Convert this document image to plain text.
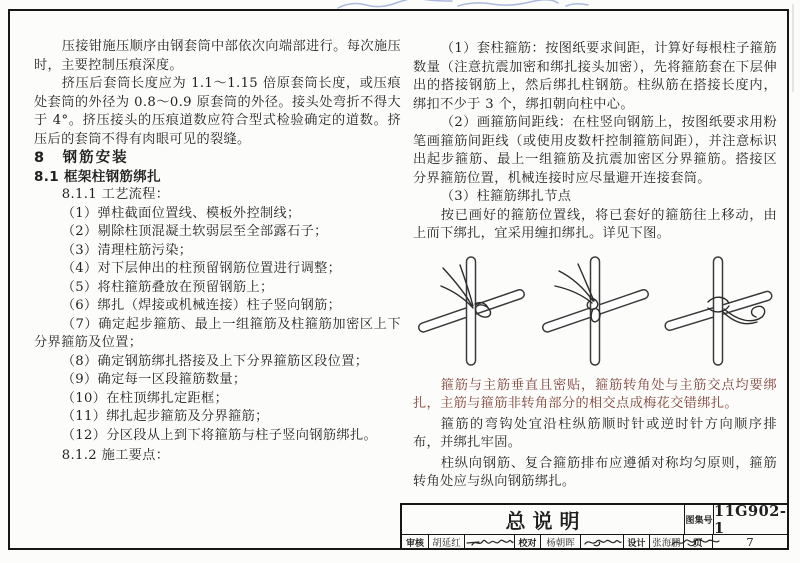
压接钳施压顺序由钢套筒中部依次向端部进行。每次施压时，主要控制压痕深度。

挤压后套筒长度应为 1.1～1.15 倍原套筒长度，或压痕处套筒的外径为 0.8～0.9 原套筒的外径。接头处弯折不得大于 4°。挤压接头的压痕道数应符合型式检验确定的道数。挤压后的套筒不得有肉眼可见的裂缝。

8　钢筋安装

8.1 框架柱钢筋绑扎

8.1.1 工艺流程：

（1）弹柱截面位置线、模板外控制线；

（2）剔除柱顶混凝土软弱层至全部露石子；

（3）清理柱筋污染；

（4）对下层伸出的柱预留钢筋位置进行调整；

（5）将柱箍筋叠放在预留钢筋上；

（6）绑扎（焊接或机械连接）柱子竖向钢筋；

（7）确定起步箍筋、最上一组箍筋及柱箍筋加密区上下分界箍筋及位置；

（8）确定钢筋绑扎搭接及上下分界箍筋区段位置；

（9）确定每一区段箍筋数量；

（10）在柱顶绑扎定距框；

（11）绑扎起步箍筋及分界箍筋；

（12）分区段从上到下将箍筋与柱子竖向钢筋绑扎。

8.1.2 施工要点：

（1）套柱箍筋：按图纸要求间距，计算好每根柱子箍筋数量（注意抗震加密和绑扎接头加密），先将箍筋套在下层伸出的搭接钢筋上，然后绑扎柱钢筋。柱纵筋在搭接长度内，绑扣不少于 3 个，绑扣朝向柱中心。

（2）画箍筋间距线：在柱竖向钢筋上，按图纸要求用粉笔画箍筋间距线（或使用皮数杆控制箍筋间距），并注意标识出起步箍筋、最上一组箍筋及抗震加密区分界箍筋。搭接区分界箍筋位置，机械连接时应尽量避开连接套筒。

（3）柱箍筋绑扎节点

按已画好的箍筋位置线，将已套好的箍筋往上移动，由上而下绑扎，宜采用缠扣绑扎。详见下图。

箍筋与主筋垂直且密贴，箍筋转角处与主筋交点均要绑扎，主筋与箍筋非转角部分的相交点成梅花交错绑扎。

箍筋的弯钩处宜沿柱纵筋顺时针或逆时针方向顺序排布，并绑扎牢固。

柱纵向钢筋、复合箍筋排布应遵循对称均匀原则，箍筋转角处应与纵向钢筋绑扎。

总说明	图集号
11G902-1
审核 胡延红	校对	杨朝晖	设计 张海鹏	页	7
